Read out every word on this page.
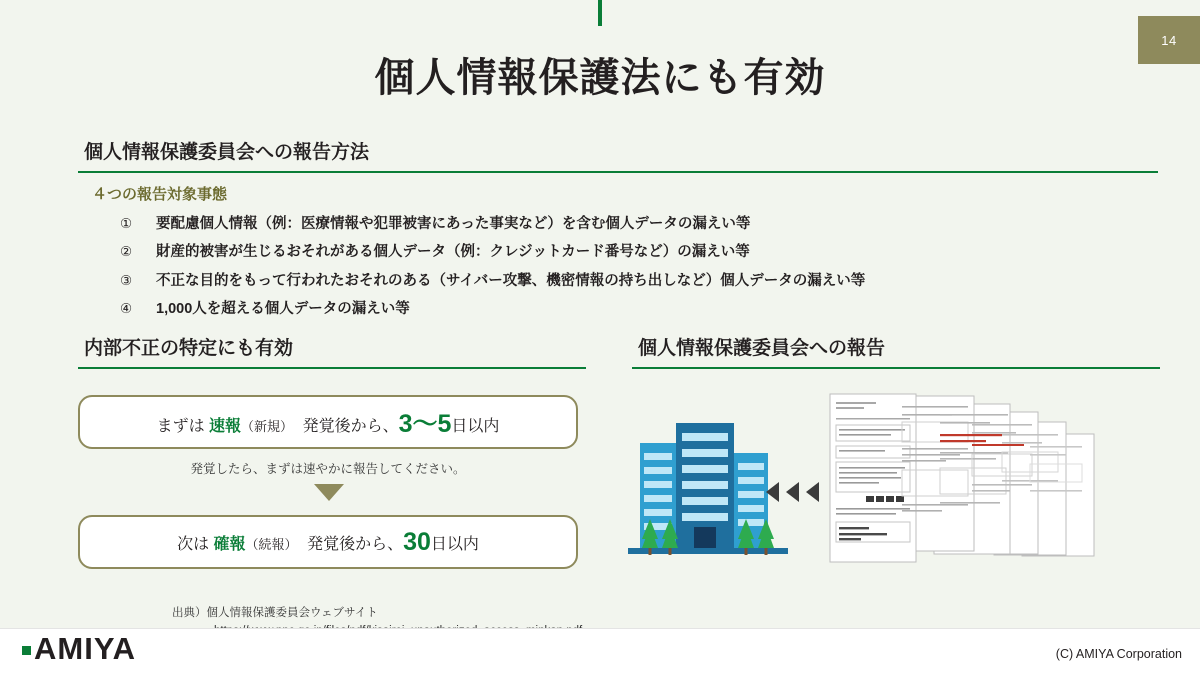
14
個人情報保護法にも有効
個人情報保護委員会への報告方法
４つの報告対象事態
①	要配慮個人情報（例：医療情報や犯罪被害にあった事実など）を含む個人データの漏えい等
②	財産的被害が生じるおそれがある個人データ（例：クレジットカード番号など）の漏えい等
③	不正な目的をもって行われたおそれのある（サイバー攻撃、機密情報の持ち出しなど）個人データの漏えい等
④	1,000人を超える個人データの漏えい等
内部不正の特定にも有効
まずは 速報（新規）　発覚後から、3～5日以内
発覚したら、まずは速やかに報告してください。
次は 確報（続報）　発覚後から、30日以内
個人情報保護委員会への報告
出典）個人情報保護委員会ウェブサイト
AMIYA	(C) AMIYA Corporation
